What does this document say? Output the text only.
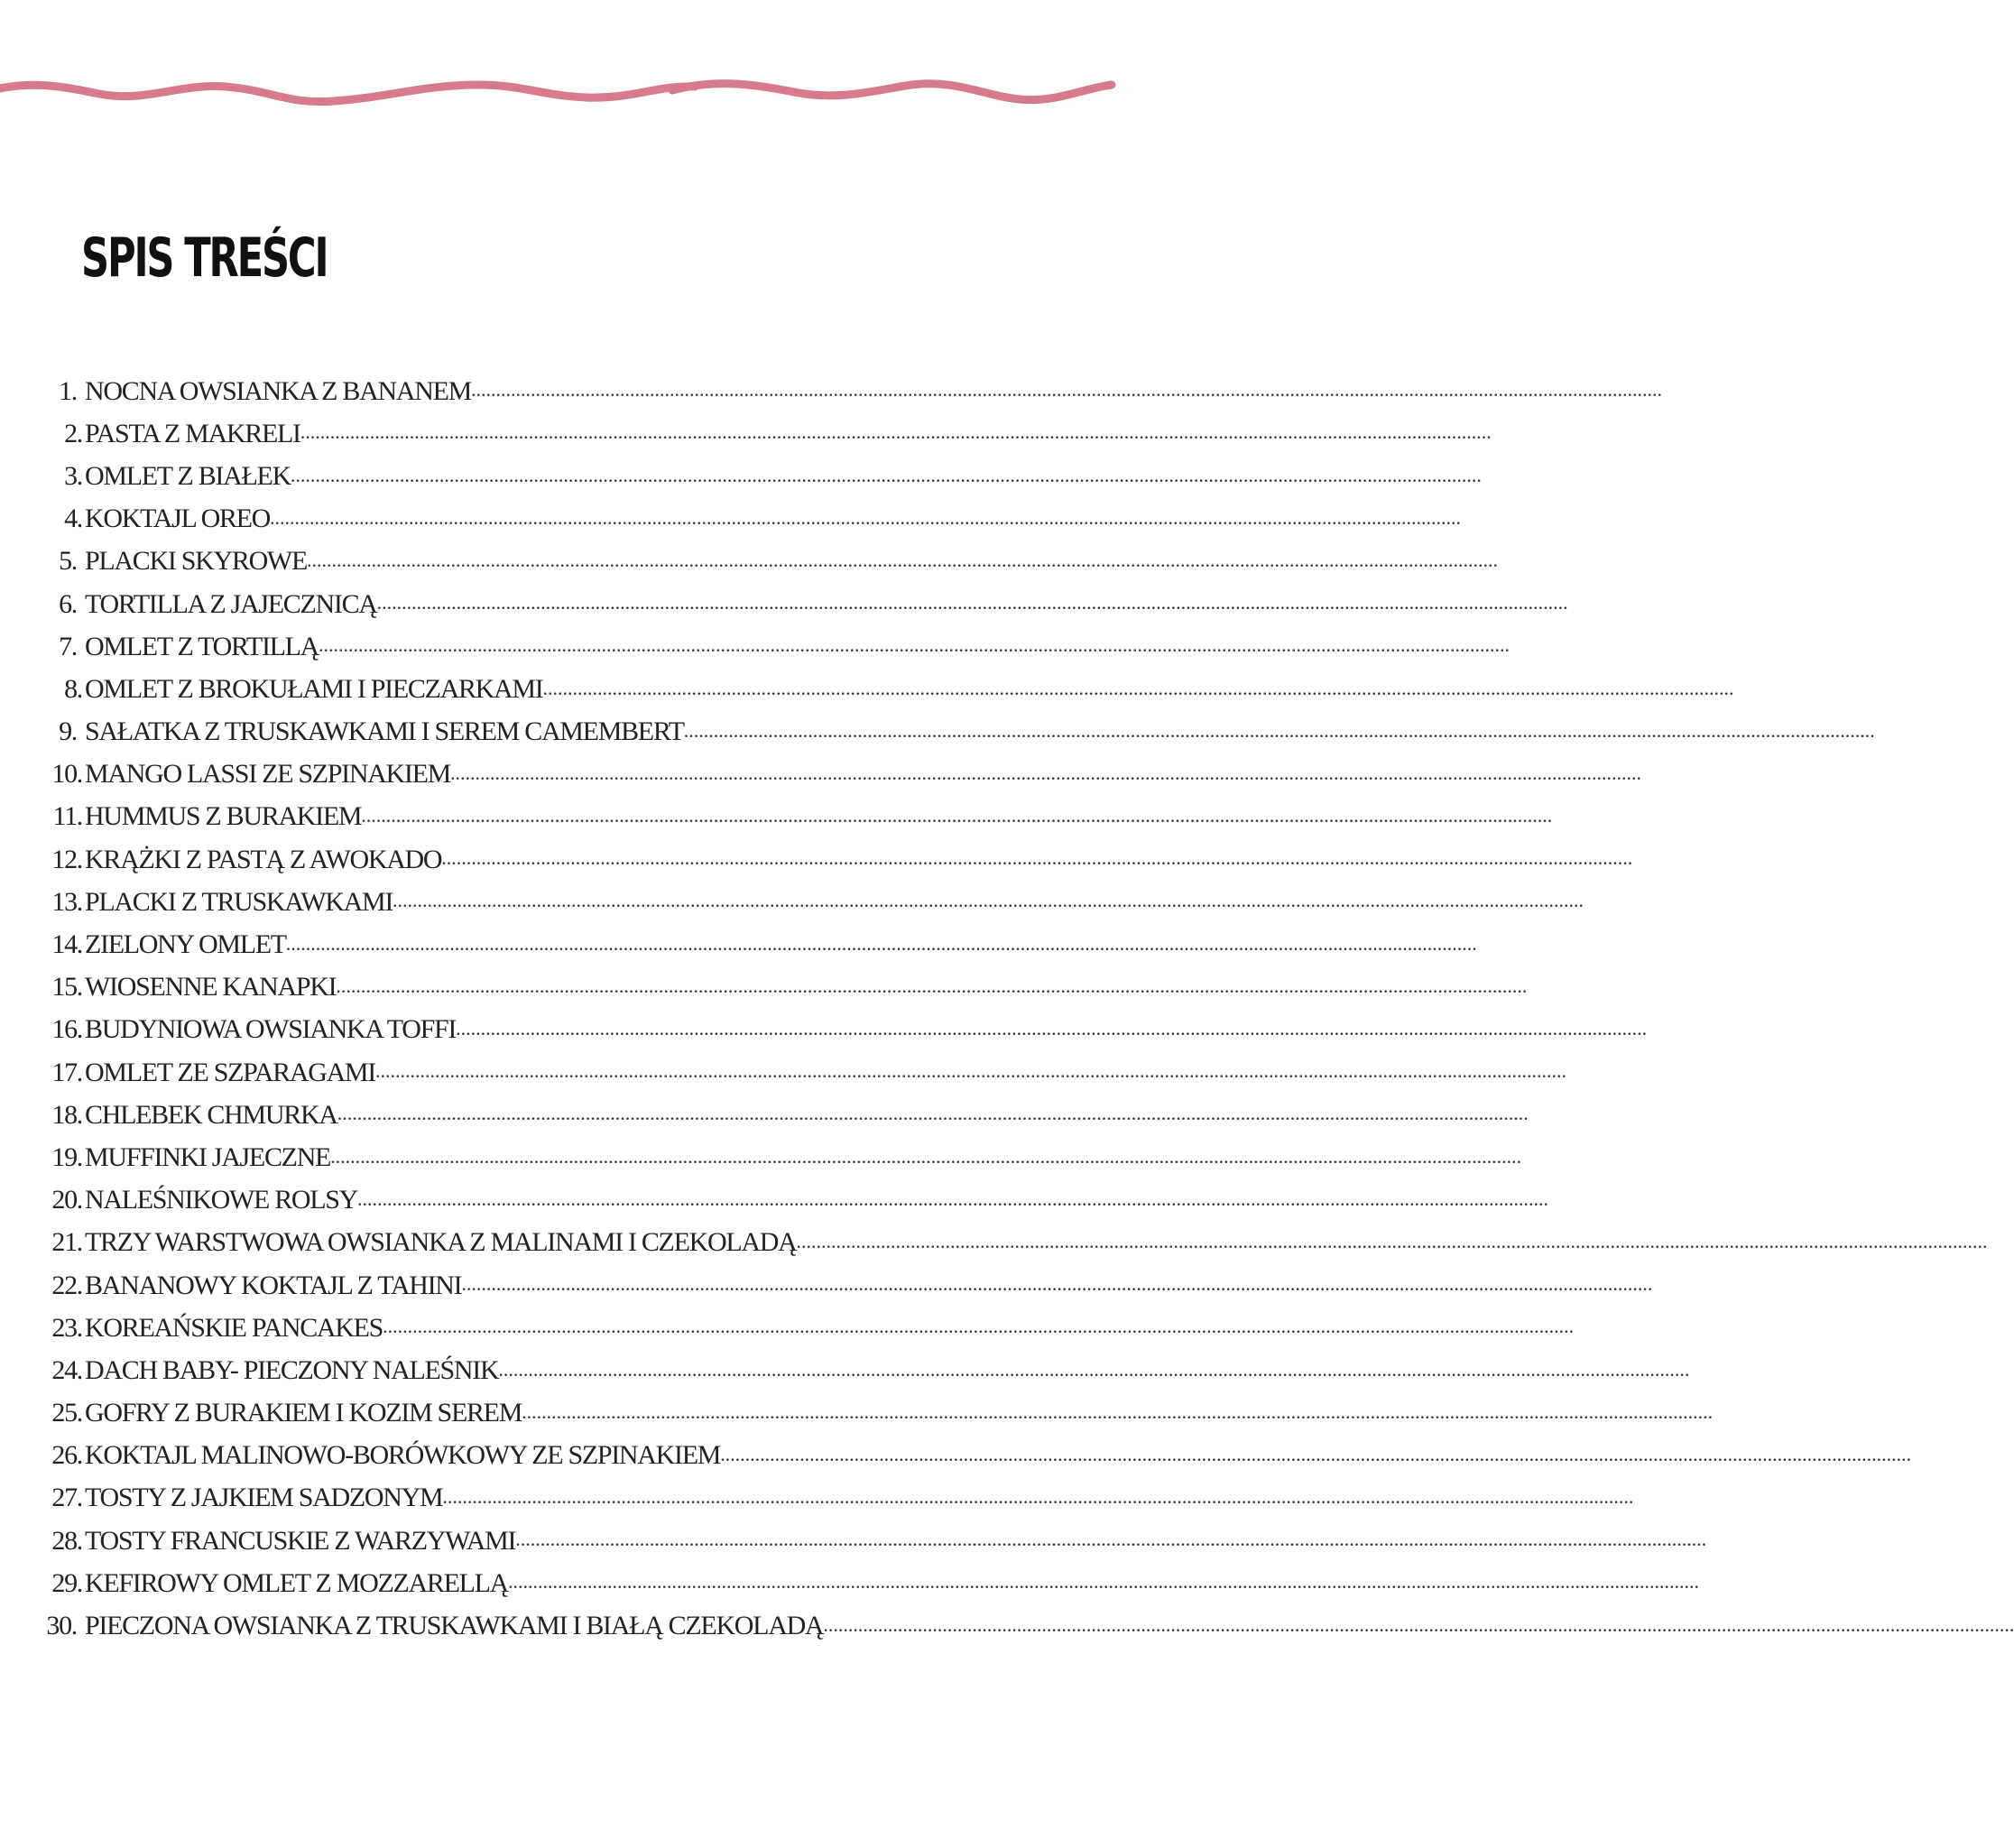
SPIS TREŚCI
1. NOCNA OWSIANKA Z BANANEM ................................................................................................................................................................................................................................................
2. PASTA Z MAKRELI ................................................................................................................................................................................................................................................
3. OMLET Z BIAŁEK ................................................................................................................................................................................................................................................
4. KOKTAJL OREO ................................................................................................................................................................................................................................................
5. PLACKI SKYROWE ................................................................................................................................................................................................................................................
6. TORTILLA Z JAJECZNICĄ ................................................................................................................................................................................................................................................
7. OMLET Z TORTILLĄ ................................................................................................................................................................................................................................................
8. OMLET Z BROKUŁAMI I PIECZARKAMI ................................................................................................................................................................................................................................................
9. SAŁATKA Z TRUSKAWKAMI I SEREM CAMEMBERT ................................................................................................................................................................................................................................................
10. MANGO LASSI ZE SZPINAKIEM ................................................................................................................................................................................................................................................
11. HUMMUS Z BURAKIEM ................................................................................................................................................................................................................................................
12. KRĄŻKI Z PASTĄ Z AWOKADO ................................................................................................................................................................................................................................................
13. PLACKI Z TRUSKAWKAMI ................................................................................................................................................................................................................................................
14. ZIELONY OMLET ................................................................................................................................................................................................................................................
15. WIOSENNE KANAPKI ................................................................................................................................................................................................................................................
16. BUDYNIOWA OWSIANKA TOFFI ................................................................................................................................................................................................................................................
17. OMLET ZE SZPARAGAMI ................................................................................................................................................................................................................................................
18. CHLEBEK CHMURKA ................................................................................................................................................................................................................................................
19. MUFFINKI JAJECZNE ................................................................................................................................................................................................................................................
20. NALEŚNIKOWE ROLSY ................................................................................................................................................................................................................................................
21. TRZY WARSTWOWA OWSIANKA Z MALINAMI I CZEKOLADĄ ................................................................................................................................................................................................................................................
22. BANANOWY KOKTAJL Z TAHINI ................................................................................................................................................................................................................................................
23. KOREAŃSKIE PANCAKES ................................................................................................................................................................................................................................................
24. DACH BABY- PIECZONY NALEŚNIK ................................................................................................................................................................................................................................................
25. GOFRY Z BURAKIEM I KOZIM SEREM ................................................................................................................................................................................................................................................
26. KOKTAJL MALINOWO-BORÓWKOWY ZE SZPINAKIEM ................................................................................................................................................................................................................................................
27. TOSTY Z JAJKIEM SADZONYM ................................................................................................................................................................................................................................................
28. TOSTY FRANCUSKIE Z WARZYWAMI ................................................................................................................................................................................................................................................
29. KEFIROWY OMLET Z MOZZARELLĄ ................................................................................................................................................................................................................................................
30. PIECZONA OWSIANKA Z TRUSKAWKAMI I BIAŁĄ CZEKOLADĄ ................................................................................................................................................................................................................................................
